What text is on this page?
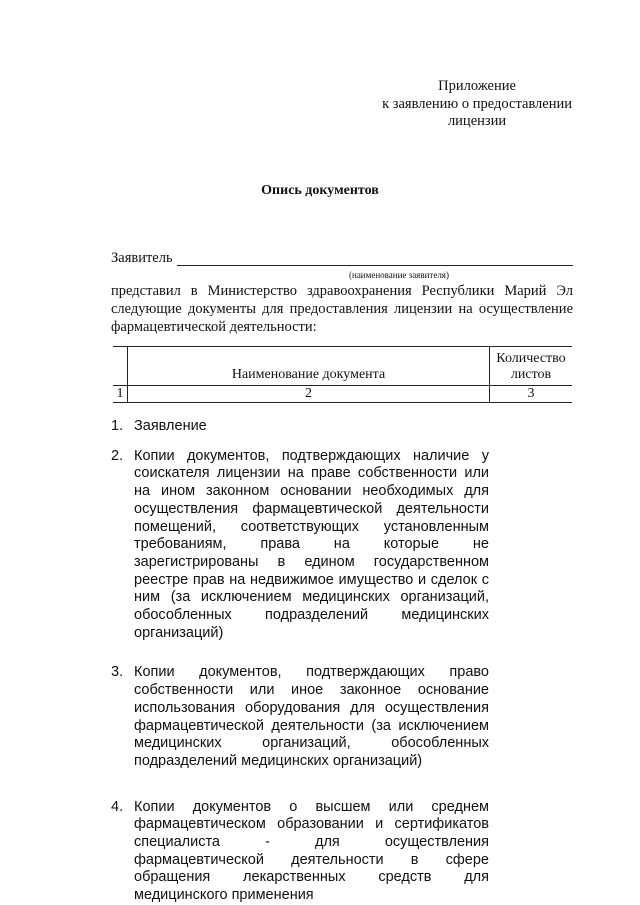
Приложение
к заявлению о предоставлении
лицензии
Опись документов
Заявитель
(наименование заявителя)
представил в Министерство здравоохранения Республики Марий Эл следующие документы для предоставления лицензии на осуществление фармацевтической деятельности:
	Наименование документа	Количество листов
1	2	3
1. Заявление
2. Копии документов, подтверждающих наличие у соискателя лицензии на праве собственности или на ином законном основании необходимых для осуществления фармацевтической деятельности помещений, соответствующих установленным требованиям, права на которые не зарегистрированы в едином государственном реестре прав на недвижимое имущество и сделок с ним (за исключением медицинских организаций, обособленных подразделений медицинских организаций)
3. Копии документов, подтверждающих право собственности или иное законное основание использования оборудования для осуществления фармацевтической деятельности (за исключением медицинских организаций, обособленных подразделений медицинских организаций)
4. Копии документов о высшем или среднем фармацевтическом образовании и сертификатов специалиста - для осуществления фармацевтической деятельности в сфере обращения лекарственных средств для медицинского применения
